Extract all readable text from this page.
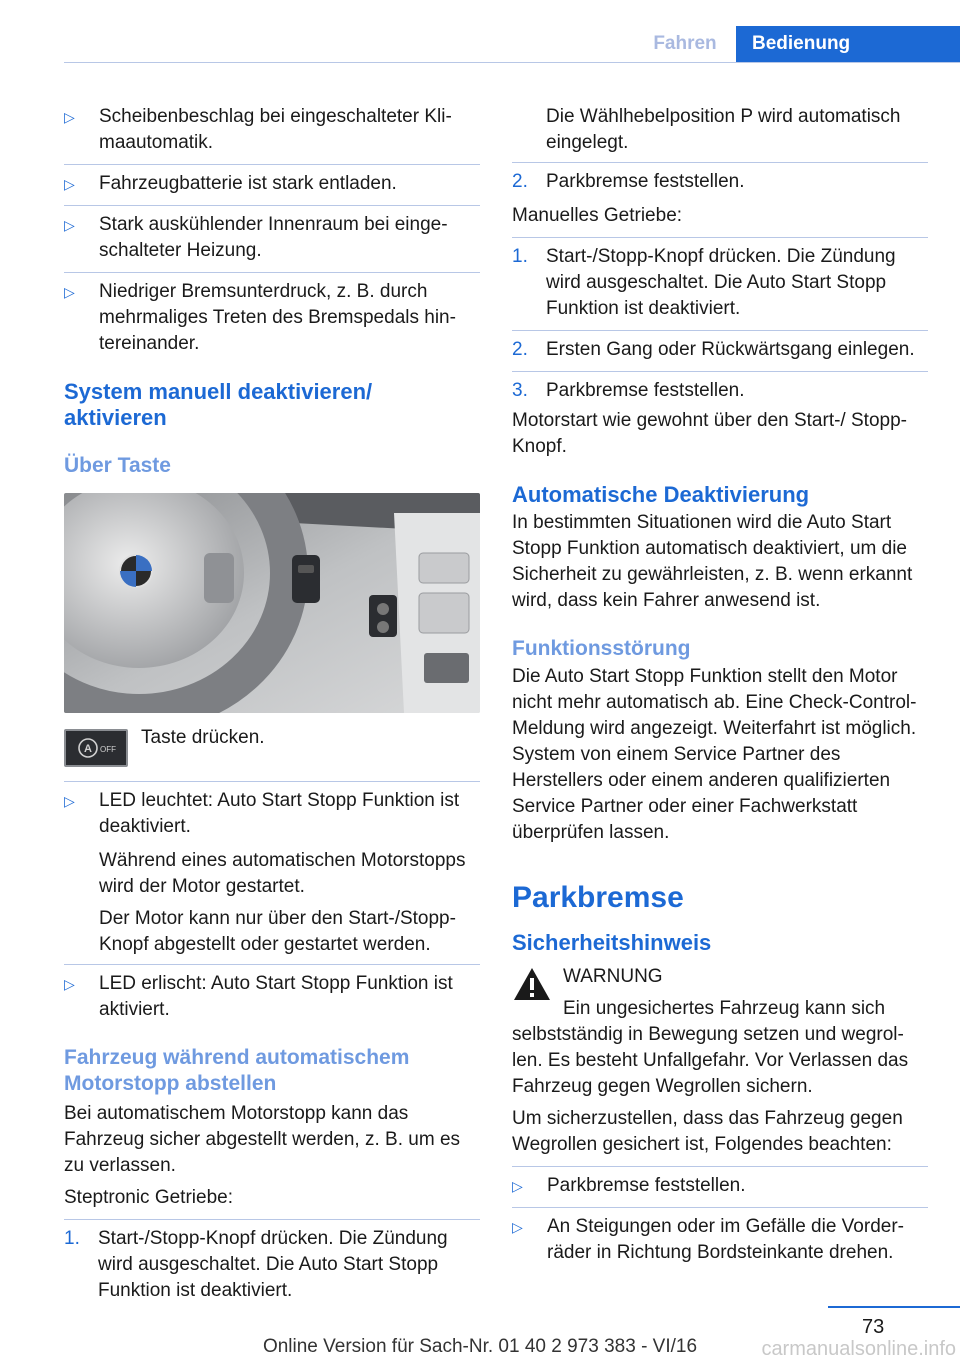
Fahren	Bedienung
▷ Scheibenbeschlag bei eingeschalteter Klimaautomatik.
▷ Fahrzeugbatterie ist stark entladen.
▷ Stark auskühlender Innenraum bei eingeschalteter Heizung.
▷ Niedriger Bremsunterdruck, z. B. durch mehrmaliges Treten des Bremspedals hintereinander.
System manuell deaktivieren/ aktivieren
Über Taste
A OFF
Taste drücken.
▷ LED leuchtet: Auto Start Stopp Funktion ist deaktiviert.

Während eines automatischen Motorstopps wird der Motor gestartet.

Der Motor kann nur über den Start-/Stopp-Knopf abgestellt oder gestartet werden.

▷ LED erlischt: Auto Start Stopp Funktion ist aktiviert.
Fahrzeug während automatischem Motorstopp abstellen

Bei automatischem Motorstopp kann das Fahrzeug sicher abgestellt werden, z. B. um es zu verlassen.

Steptronic Getriebe:

1. Start-/Stopp-Knopf drücken. Die Zündung wird ausgeschaltet. Die Auto Start Stopp Funktion ist deaktiviert.

Die Wählhebelposition P wird automatisch eingelegt.

2. Parkbremse feststellen.

Manuelles Getriebe:

1. Start-/Stopp-Knopf drücken. Die Zündung wird ausgeschaltet. Die Auto Start Stopp Funktion ist deaktiviert.
2. Ersten Gang oder Rückwärtsgang einlegen.
3. Parkbremse feststellen.

Motorstart wie gewohnt über den Start-/ Stopp-Knopf.

Automatische Deaktivierung

In bestimmten Situationen wird die Auto Start Stopp Funktion automatisch deaktiviert, um die Sicherheit zu gewährleisten, z. B. wenn erkannt wird, dass kein Fahrer anwesend ist.

Funktionsstörung

Die Auto Start Stopp Funktion stellt den Motor nicht mehr automatisch ab. Eine Check-Control-Meldung wird angezeigt. Weiterfahrt ist möglich. System von einem Service Partner des Herstellers oder einem anderen qualifizierten Service Partner oder einer Fachwerkstatt überprüfen lassen.

Parkbremse
Sicherheitshinweis

WARNUNG

Ein ungesichertes Fahrzeug kann sich selbstständig in Bewegung setzen und wegrollen. Es besteht Unfallgefahr. Vor Verlassen das Fahrzeug gegen Wegrollen sichern.

Um sicherzustellen, dass das Fahrzeug gegen Wegrollen gesichert ist, Folgendes beachten:

▷ Parkbremse feststellen.
▷ An Steigungen oder im Gefälle die Vorderräder in Richtung Bordsteinkante drehen.
73
Online Version für Sach-Nr. 01 40 2 973 383 - VI/16	carmanualsonline.info
